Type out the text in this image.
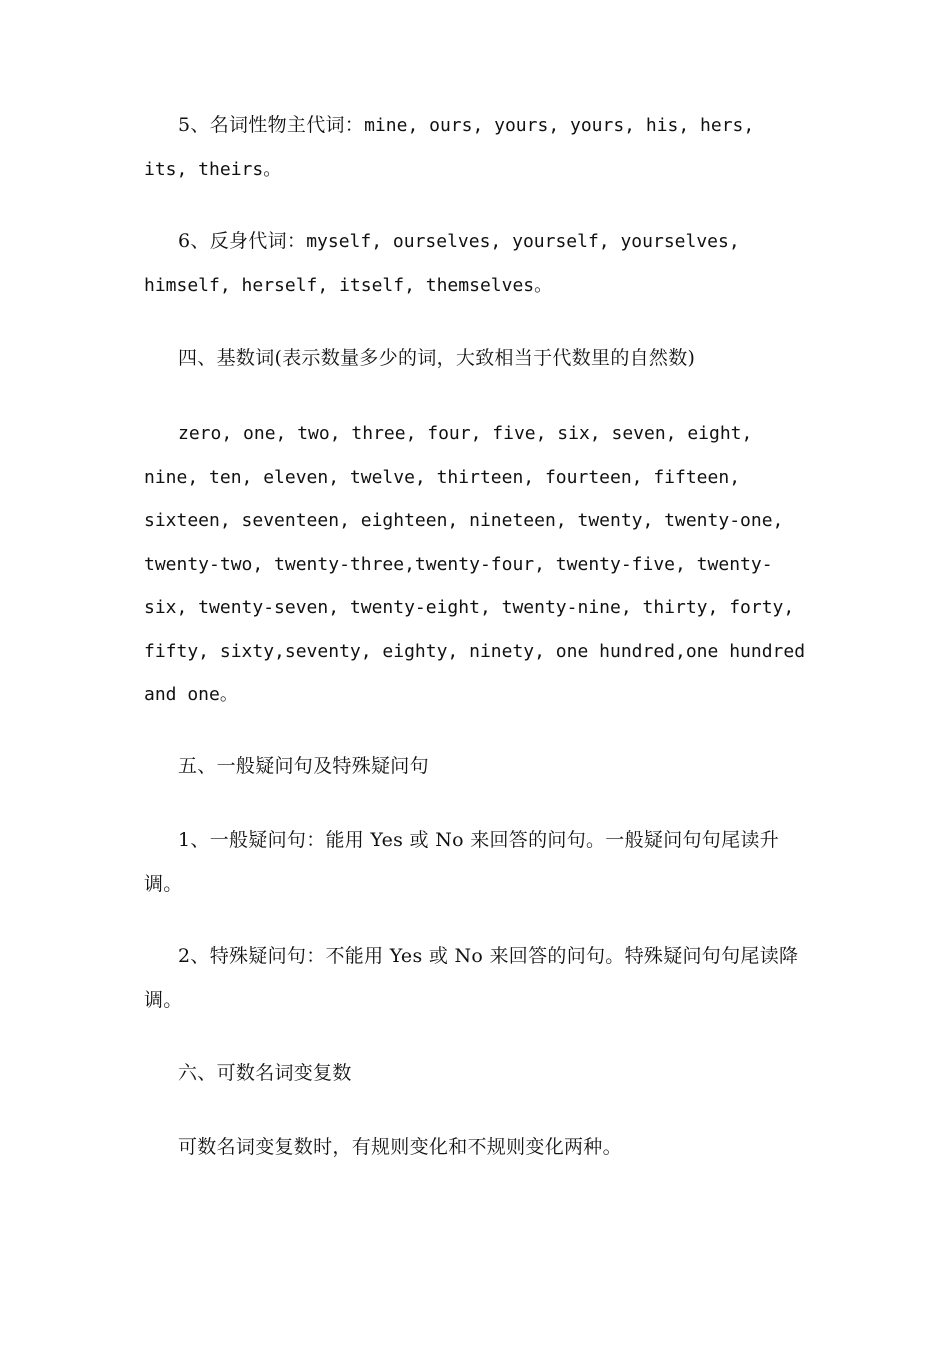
5、名词性物主代词：mine, ours, yours, yours, his, hers, its, theirs。

6、反身代词：myself, ourselves, yourself, yourselves, himself, herself, itself, themselves。

四、基数词(表示数量多少的词，大致相当于代数里的自然数)

zero, one, two, three, four, five, six, seven, eight, nine, ten, eleven, twelve, thirteen, fourteen, fifteen, sixteen, seventeen, eighteen, nineteen, twenty, twenty-one, twenty-two, twenty-three,twenty-four, twenty-five, twenty-six, twenty-seven, twenty-eight, twenty-nine, thirty, forty, fifty, sixty,seventy, eighty, ninety, one hundred,one hundred and one。

五、一般疑问句及特殊疑问句

1、一般疑问句：能用 Yes 或 No 来回答的问句。一般疑问句句尾读升调。

2、特殊疑问句：不能用 Yes 或 No 来回答的问句。特殊疑问句句尾读降调。

六、可数名词变复数

可数名词变复数时，有规则变化和不规则变化两种。
